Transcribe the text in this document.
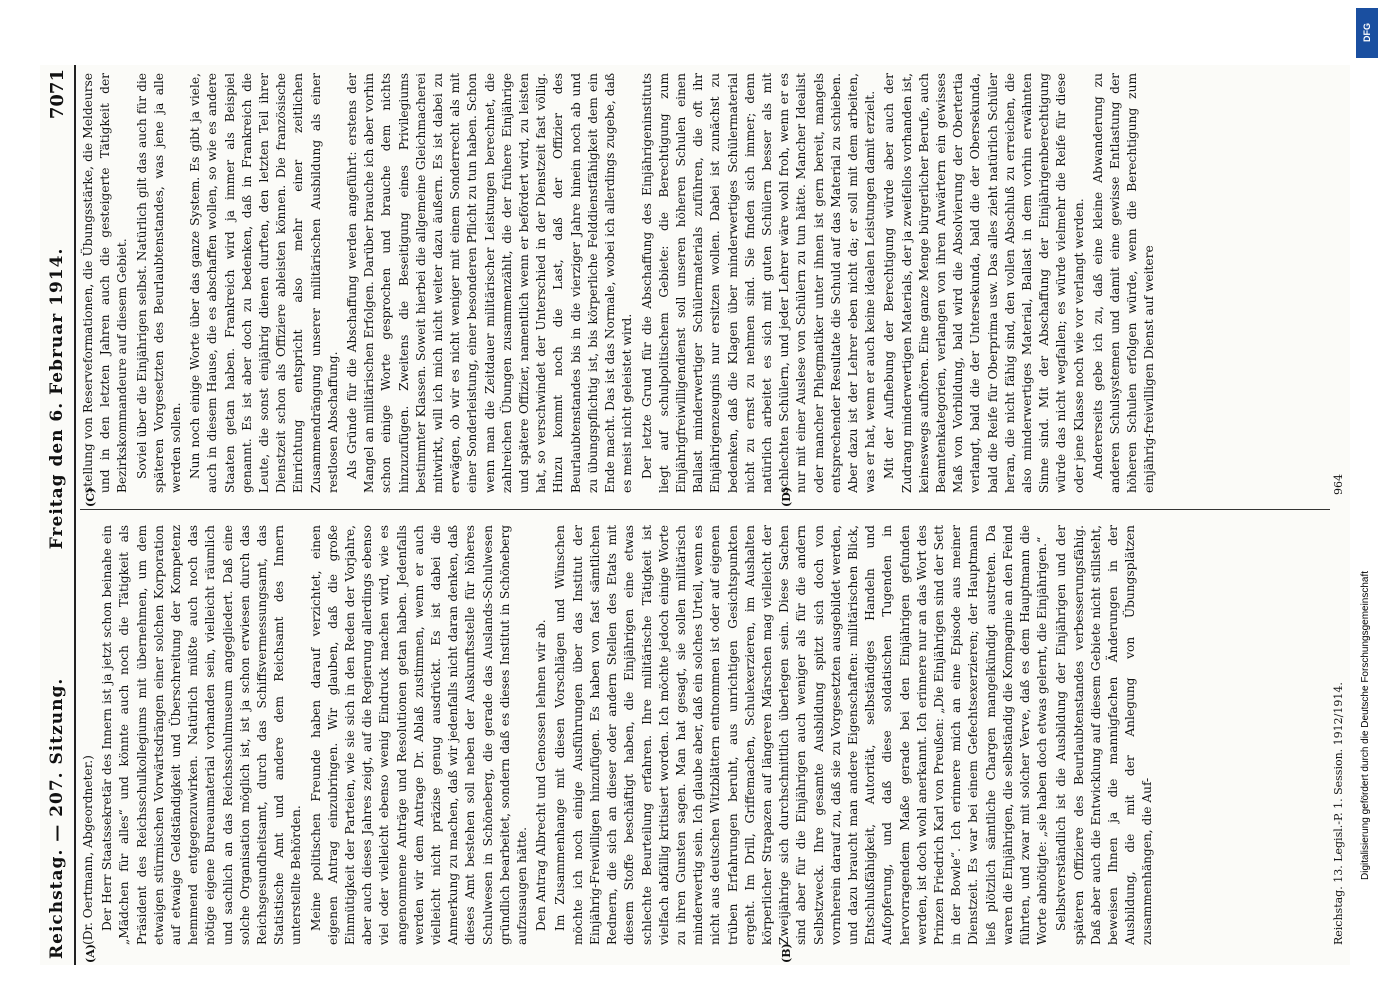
Reichstag. — 207. Sitzung.
Freitag den 6. Februar 1914.
7071
(A)	(B)
(C)	(D)

(Dr. Oertmann, Abgeordneter.) Der Herr Staatssekretär des Innern ist ja jetzt schon beinahe ein „Mädchen für alles“ und könnte auch noch die Tätigkeit als Präsident des Reichsschulkollegiums mit übernehmen, um dem etwaigen stürmischen Vorwärtsdrängen einer solchen Korporation auf etwaige Geldständigkeit und Überschreitung der Kompetenz hemmend entgegenzuwirken. Natürlich müßte auch noch das nötige eigene Bureaumaterial vorhanden sein, vielleicht räumlich und sachlich an das Reichsschulmuseum angegliedert. Daß eine solche Organisation möglich ist, ist ja schon erwiesen durch das Reichsgesundheitsamt, durch das Schiffsvermessungsamt, das Statistische Amt und andere dem Reichsamt des Innern unterstellte Behörden. Meine politischen Freunde haben darauf verzichtet, einen eigenen Antrag einzubringen. Wir glauben, daß die große Einmütigkeit der Parteien, wie sie sich in den Reden der Vorjahre, aber auch dieses Jahres zeigt, auf die Regierung allerdings ebenso viel oder vielleicht ebenso wenig Eindruck machen wird, wie es angenommene Anträge und Resolutionen getan haben. Jedenfalls werden wir dem Antrage Dr. Ablaß zustimmen, wenn er auch vielleicht nicht präzise genug ausdrückt. Es ist dabei die Anmerkung zu machen, daß wir jedenfalls nicht daran denken, daß dieses Amt bestehen soll neben der Auskunftsstelle für höheres Schulwesen in Schöneberg, die gerade das Auslands-Schulwesen gründlich bearbeitet, sondern daß es dieses Institut in Schöneberg aufzusaugen hätte. Den Antrag Albrecht und Genossen lehnen wir ab. Im Zusammenhange mit diesen Vorschlägen und Wünschen möchte ich noch einige Ausführungen über das Institut der Einjährig-Freiwilligen hinzufügen. Es haben von fast sämtlichen Rednern, die sich an dieser oder andern Stellen des Etats mit diesem Stoffe beschäftigt haben, die Einjährigen eine etwas schlechte Beurteilung erfahren. Ihre militärische Tätigkeit ist vielfach abfällig kritisiert worden. Ich möchte jedoch einige Worte zu ihren Gunsten sagen. Man hat gesagt, sie sollen militärisch minderwertig sein. Ich glaube aber, daß ein solches Urteil, wenn es nicht aus deutschen Witzblättern entnommen ist oder auf eigenen trüben Erfahrungen beruht, aus unrichtigen Gesichtspunkten ergeht. Im Drill, Griffemachen, Schulexerzieren, im Aushalten körperlicher Strapazen auf längeren Märschen mag vielleicht der Zweijährige sich durchschnittlich überlegen sein. Diese Sachen sind aber für die Einjährigen auch weniger als für die andern Selbstzweck. Ihre gesamte Ausbildung spitzt sich doch von vornherein darauf zu, daß sie zu Vorgesetzten ausgebildet werden, und dazu braucht man andere Eigenschaften: militärischen Blick, Entschlußfähigkeit, Autorität, selbständiges Handeln und Aufopferung, und daß diese soldatischen Tugenden in hervorragendem Maße gerade bei den Einjährigen gefunden werden, ist doch wohl anerkannt. Ich erinnere nur an das Wort des Prinzen Friedrich Karl von Preußen: „Die Einjährigen sind der Sett in der Bowle“. Ich erinnere mich an eine Episode aus meiner Dienstzeit. Es war bei einem Gefechtsexerzieren; der Hauptmann ließ plötzlich sämtliche Chargen mangelkündigt austreten. Da waren die Einjährigen, die selbständig die Kompagnie an den Feind führten, und zwar mit solcher Verve, daß es dem Hauptmann die Worte abnötigte: „sie haben doch etwas gelernt, die Einjährigen.“ Selbstverständlich ist die Ausbildung der Einjährigen und der späteren Offiziere des Beurlaubtenstandes verbesserungsfähig. Daß aber auch die Entwicklung auf diesem Gebiete nicht stillsteht, beweisen Ihnen ja die mannigfachen Änderungen in der Ausbildung, die mit der Anlegung von Übungsplätzen zusammenhängen, die Auf-

stellung von Reserveformationen, die Übungsstärke, die Meldeurse und in den letzten Jahren auch die gesteigerte Tätigkeit der Bezirkskommandeure auf diesem Gebiet. Soviel über die Einjährigen selbst. Natürlich gilt das auch für die späteren Vorgesetzten des Beurlaubtenstandes, was jene ja alle werden sollen. Nun noch einige Worte über das ganze System. Es gibt ja viele, auch in diesem Hause, die es abschaffen wollen, so wie es andere Staaten getan haben. Frankreich wird ja immer als Beispiel genannt. Es ist aber doch zu bedenken, daß in Frankreich die Leute, die sonst einjährig dienen durften, den letzten Teil ihrer Dienstzeit schon als Offiziere ableisten können. Die französische Einrichtung entspricht also mehr einer zeitlichen Zusammendrängung unserer militärischen Ausbildung als einer restlosen Abschaffung. Als Gründe für die Abschaffung werden angeführt: erstens der Mangel an militärischen Erfolgen. Darüber brauche ich aber vorhin schon einige Worte gesprochen und brauche dem nichts hinzuzufügen. Zweitens die Beseitigung eines Privilegiums bestimmter Klassen. Soweit hierbei die allgemeine Gleichmacherei mitwirkt, will ich mich nicht weiter dazu äußern. Es ist dabei zu erwägen, ob wir es nicht weniger mit einem Sonderrecht als mit einer Sonderleistung, einer besonderen Pflicht zu tun haben. Schon wenn man die Zeitdauer militärischer Leistungen berechnet, die zahlreichen Übungen zusammenzählt, die der frühere Einjährige und spätere Offizier, namentlich wenn er befördert wird, zu leisten hat, so verschwindet der Unterschied in der Dienstzeit fast völlig. Hinzu kommt noch die Last, daß der Offizier des Beurlaubtenstandes bis in die vierziger Jahre hinein noch ab und zu übungspflichtig ist, bis körperliche Felddienstfähigkeit dem ein Ende macht. Das ist das Normale, wobei ich allerdings zugebe, daß es meist nicht geleistet wird. Der letzte Grund für die Abschaffung des Einjährigeninstituts liegt auf schulpolitischem Gebiete: die Berechtigung zum Einjährigfreiwilligendienst soll unseren höheren Schulen einen Ballast minderwertiger Schülermaterials zuführen, die oft ihr Einjährigenzeugnis nur ersitzen wollen. Dabei ist zunächst zu bedenken, daß die Klagen über minderwertiges Schülermaterial nicht zu ernst zu nehmen sind. Sie finden sich immer; denn natürlich arbeitet es sich mit guten Schülern besser als mit schlechten Schülern, und jeder Lehrer wäre wohl froh, wenn er es nur mit einer Auslese von Schülern zu tun hätte. Mancher Idealist oder mancher Phlegmatiker unter ihnen ist gern bereit, mangels entsprechender Resultate die Schuld auf das Material zu schieben. Aber dazu ist der Lehrer eben nicht da; er soll mit dem arbeiten, was er hat, wenn er auch keine idealen Leistungen damit erzielt. Mit der Aufhebung der Berechtigung würde aber auch der Zudrang minderwertigen Materials, der ja zweifellos vorhanden ist, keineswegs aufhören. Eine ganze Menge bürgerlicher Berufe, auch Beamtenkategorien, verlangen von ihren Anwärtern ein gewisses Maß von Vorbildung, bald wird die Absolvierung der Obertertia verlangt, bald die der Untersekunda, bald die der Obersekunda, bald die Reife für Oberprima usw. Das alles zieht natürlich Schüler heran, die nicht fähig sind, den vollen Abschluß zu erreichen, die also minderwertiges Material, Ballast in dem vorhin erwähnten Sinne sind. Mit der Abschaffung der Einjährigenberechtigung würde das nicht wegfallen; es würde vielmehr die Reife für diese oder jene Klasse noch wie vor verlangt werden. Andererseits gebe ich zu, daß eine kleine Abwanderung zu anderen Schulsystemen und damit eine gewisse Entlastung der höheren Schulen erfolgen würde, wenn die Berechtigung zum einjährig-freiwilligen Dienst auf weitere

Reichstag. 13. Legisl.-P. 1. Session. 1912/1914.
964
DFG
Digitalisierung gefördert durch die Deutsche Forschungsgemeinschaft
